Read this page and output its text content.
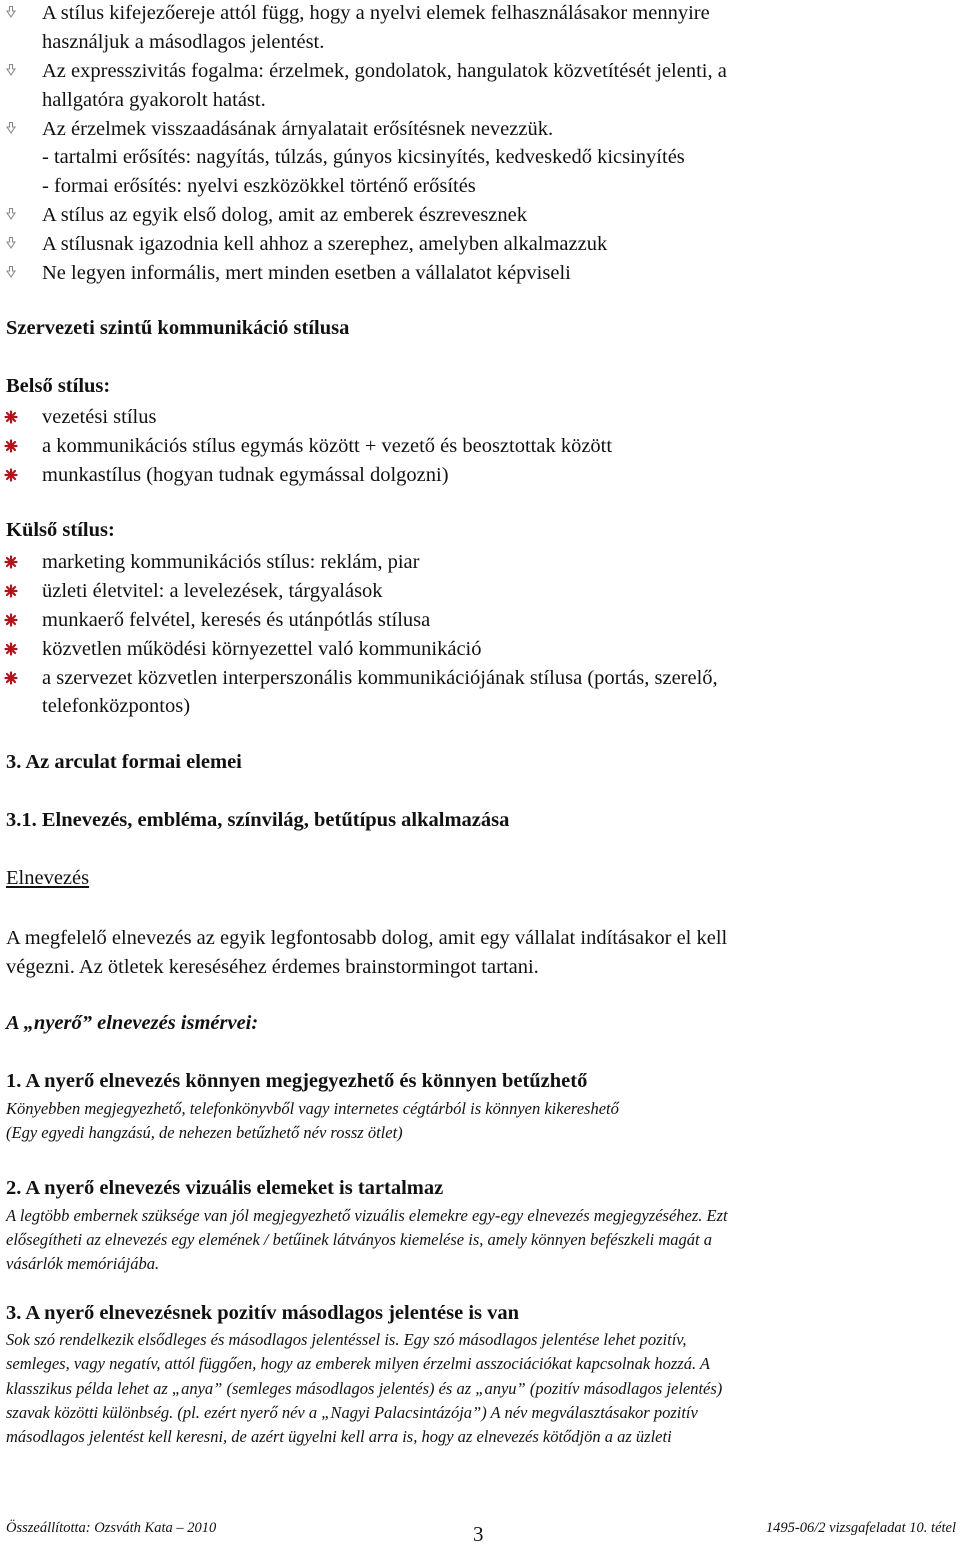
A stílus kifejezőereje attól függ, hogy a nyelvi elemek felhasználásakor mennyire
használjuk a másodlagos jelentést.
Az expresszivitás fogalma: érzelmek, gondolatok, hangulatok közvetítését jelenti, a
hallgatóra gyakorolt hatást.
Az érzelmek visszaadásának árnyalatait erősítésnek nevezzük.
- tartalmi erősítés: nagyítás, túlzás, gúnyos kicsinyítés, kedveskedő kicsinyítés
- formai erősítés: nyelvi eszközökkel történő erősítés
A stílus az egyik első dolog, amit az emberek észrevesznek
A stílusnak igazodnia kell ahhoz a szerephez, amelyben alkalmazzuk
Ne legyen informális, mert minden esetben a vállalatot képviseli
Szervezeti szintű kommunikáció stílusa
Belső stílus:
vezetési stílus
a kommunikációs stílus egymás között + vezető és beosztottak között
munkastílus (hogyan tudnak egymással dolgozni)
Külső stílus:
marketing kommunikációs stílus: reklám, piar
üzleti életvitel: a levelezések, tárgyalások
munkaerő felvétel, keresés és utánpótlás stílusa
közvetlen működési környezettel való kommunikáció
a szervezet közvetlen interperszonális kommunikációjának stílusa (portás, szerelő,
telefonközpontos)
3. Az arculat formai elemei
3.1. Elnevezés, embléma, színvilág, betűtípus alkalmazása
Elnevezés
A megfelelő elnevezés az egyik legfontosabb dolog, amit egy vállalat indításakor el kell
végezni. Az ötletek kereséséhez érdemes brainstormingot tartani.
A „nyerő” elnevezés ismérvei:
1. A nyerő elnevezés könnyen megjegyezhető és könnyen betűzhető
Könyebben megjegyezhető, telefonkönyvből vagy internetes cégtárból is könnyen kikereshető
(Egy egyedi hangzású, de nehezen betűzhető név rossz ötlet)
2. A nyerő elnevezés vizuális elemeket is tartalmaz
A legtöbb embernek szüksége van jól megjegyezhető vizuális elemekre egy-egy elnevezés megjegyzéséhez. Ezt
elősegítheti az elnevezés egy elemének / betűinek látványos kiemelése is, amely könnyen befészkeli magát a
vásárlók memóriájába.
3. A nyerő elnevezésnek pozitív másodlagos jelentése is van
Sok szó rendelkezik elsődleges és másodlagos jelentéssel is. Egy szó másodlagos jelentése lehet pozitív,
semleges, vagy negatív, attól függően, hogy az emberek milyen érzelmi asszociációkat kapcsolnak hozzá. A
klasszikus példa lehet az „anya” (semleges másodlagos jelentés) és az „anyu” (pozitív másodlagos jelentés)
szavak közötti különbség. (pl. ezért nyerő név a „Nagyi Palacsintázója”) A név megválasztásakor pozitív
másodlagos jelentést kell keresni, de azért ügyelni kell arra is, hogy az elnevezés kötődjön a az üzleti
Összeállította: Ozsváth Kata – 2010	3	1495-06/2 vizsgafeladat 10. tétel
